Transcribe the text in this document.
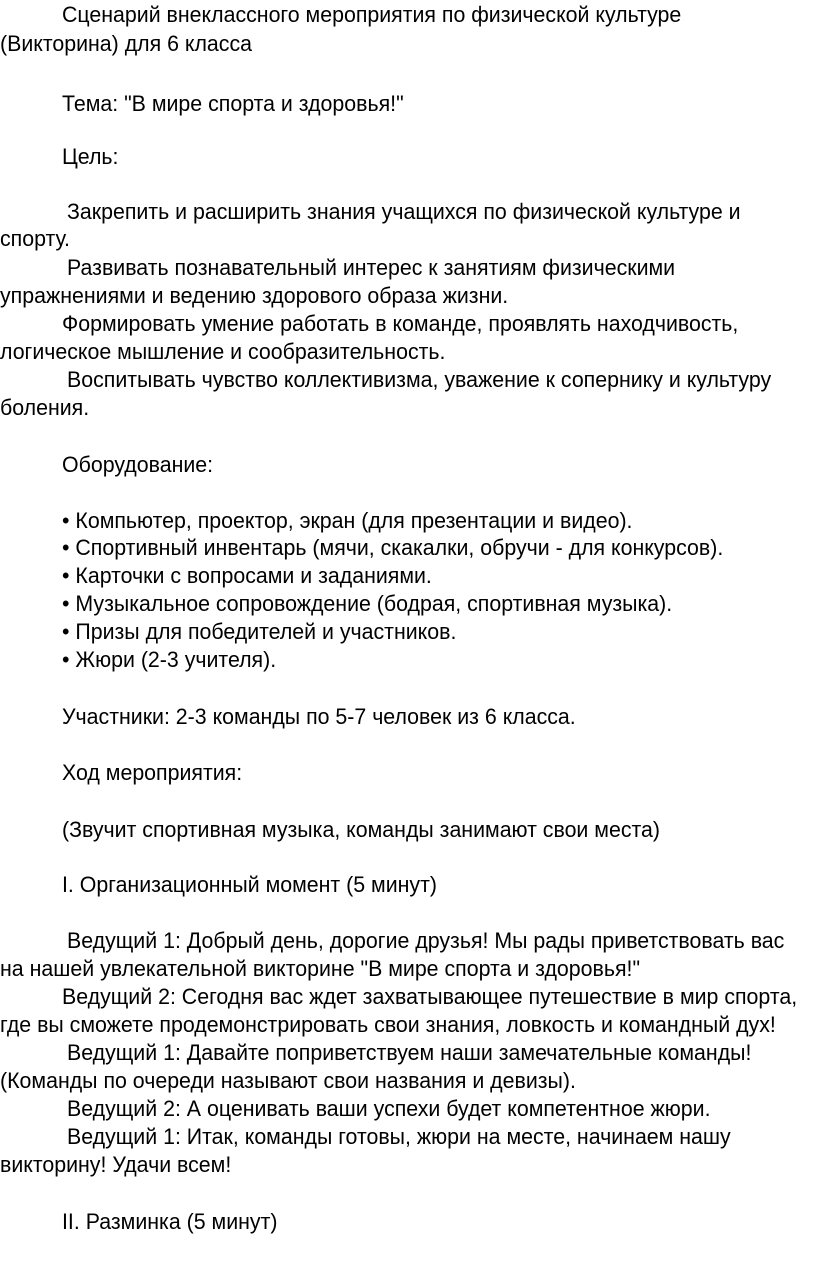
Сценарий внеклассного мероприятия по физической культуре
(Викторина) для 6 класса
Тема: "В мире спорта и здоровья!"
Цель:
Закрепить и расширить знания учащихся по физической культуре и
спорту.
Развивать познавательный интерес к занятиям физическими
упражнениями и ведению здорового образа жизни.
Формировать умение работать в команде, проявлять находчивость,
логическое мышление и сообразительность.
Воспитывать чувство коллективизма, уважение к сопернику и культуру
боления.
Оборудование:
• Компьютер, проектор, экран (для презентации и видео).
• Спортивный инвентарь (мячи, скакалки, обручи - для конкурсов).
• Карточки с вопросами и заданиями.
• Музыкальное сопровождение (бодрая, спортивная музыка).
• Призы для победителей и участников.
• Жюри (2-3 учителя).
Участники: 2-3 команды по 5-7 человек из 6 класса.
Ход мероприятия:
(Звучит спортивная музыка, команды занимают свои места)
I. Организационный момент (5 минут)
Ведущий 1: Добрый день, дорогие друзья! Мы рады приветствовать вас
на нашей увлекательной викторине "В мире спорта и здоровья!"
Ведущий 2: Сегодня вас ждет захватывающее путешествие в мир спорта,
где вы сможете продемонстрировать свои знания, ловкость и командный дух!
Ведущий 1: Давайте поприветствуем наши замечательные команды!
(Команды по очереди называют свои названия и девизы).
Ведущий 2: А оценивать ваши успехи будет компетентное жюри.
Ведущий 1: Итак, команды готовы, жюри на месте, начинаем нашу
викторину! Удачи всем!
II. Разминка (5 минут)
